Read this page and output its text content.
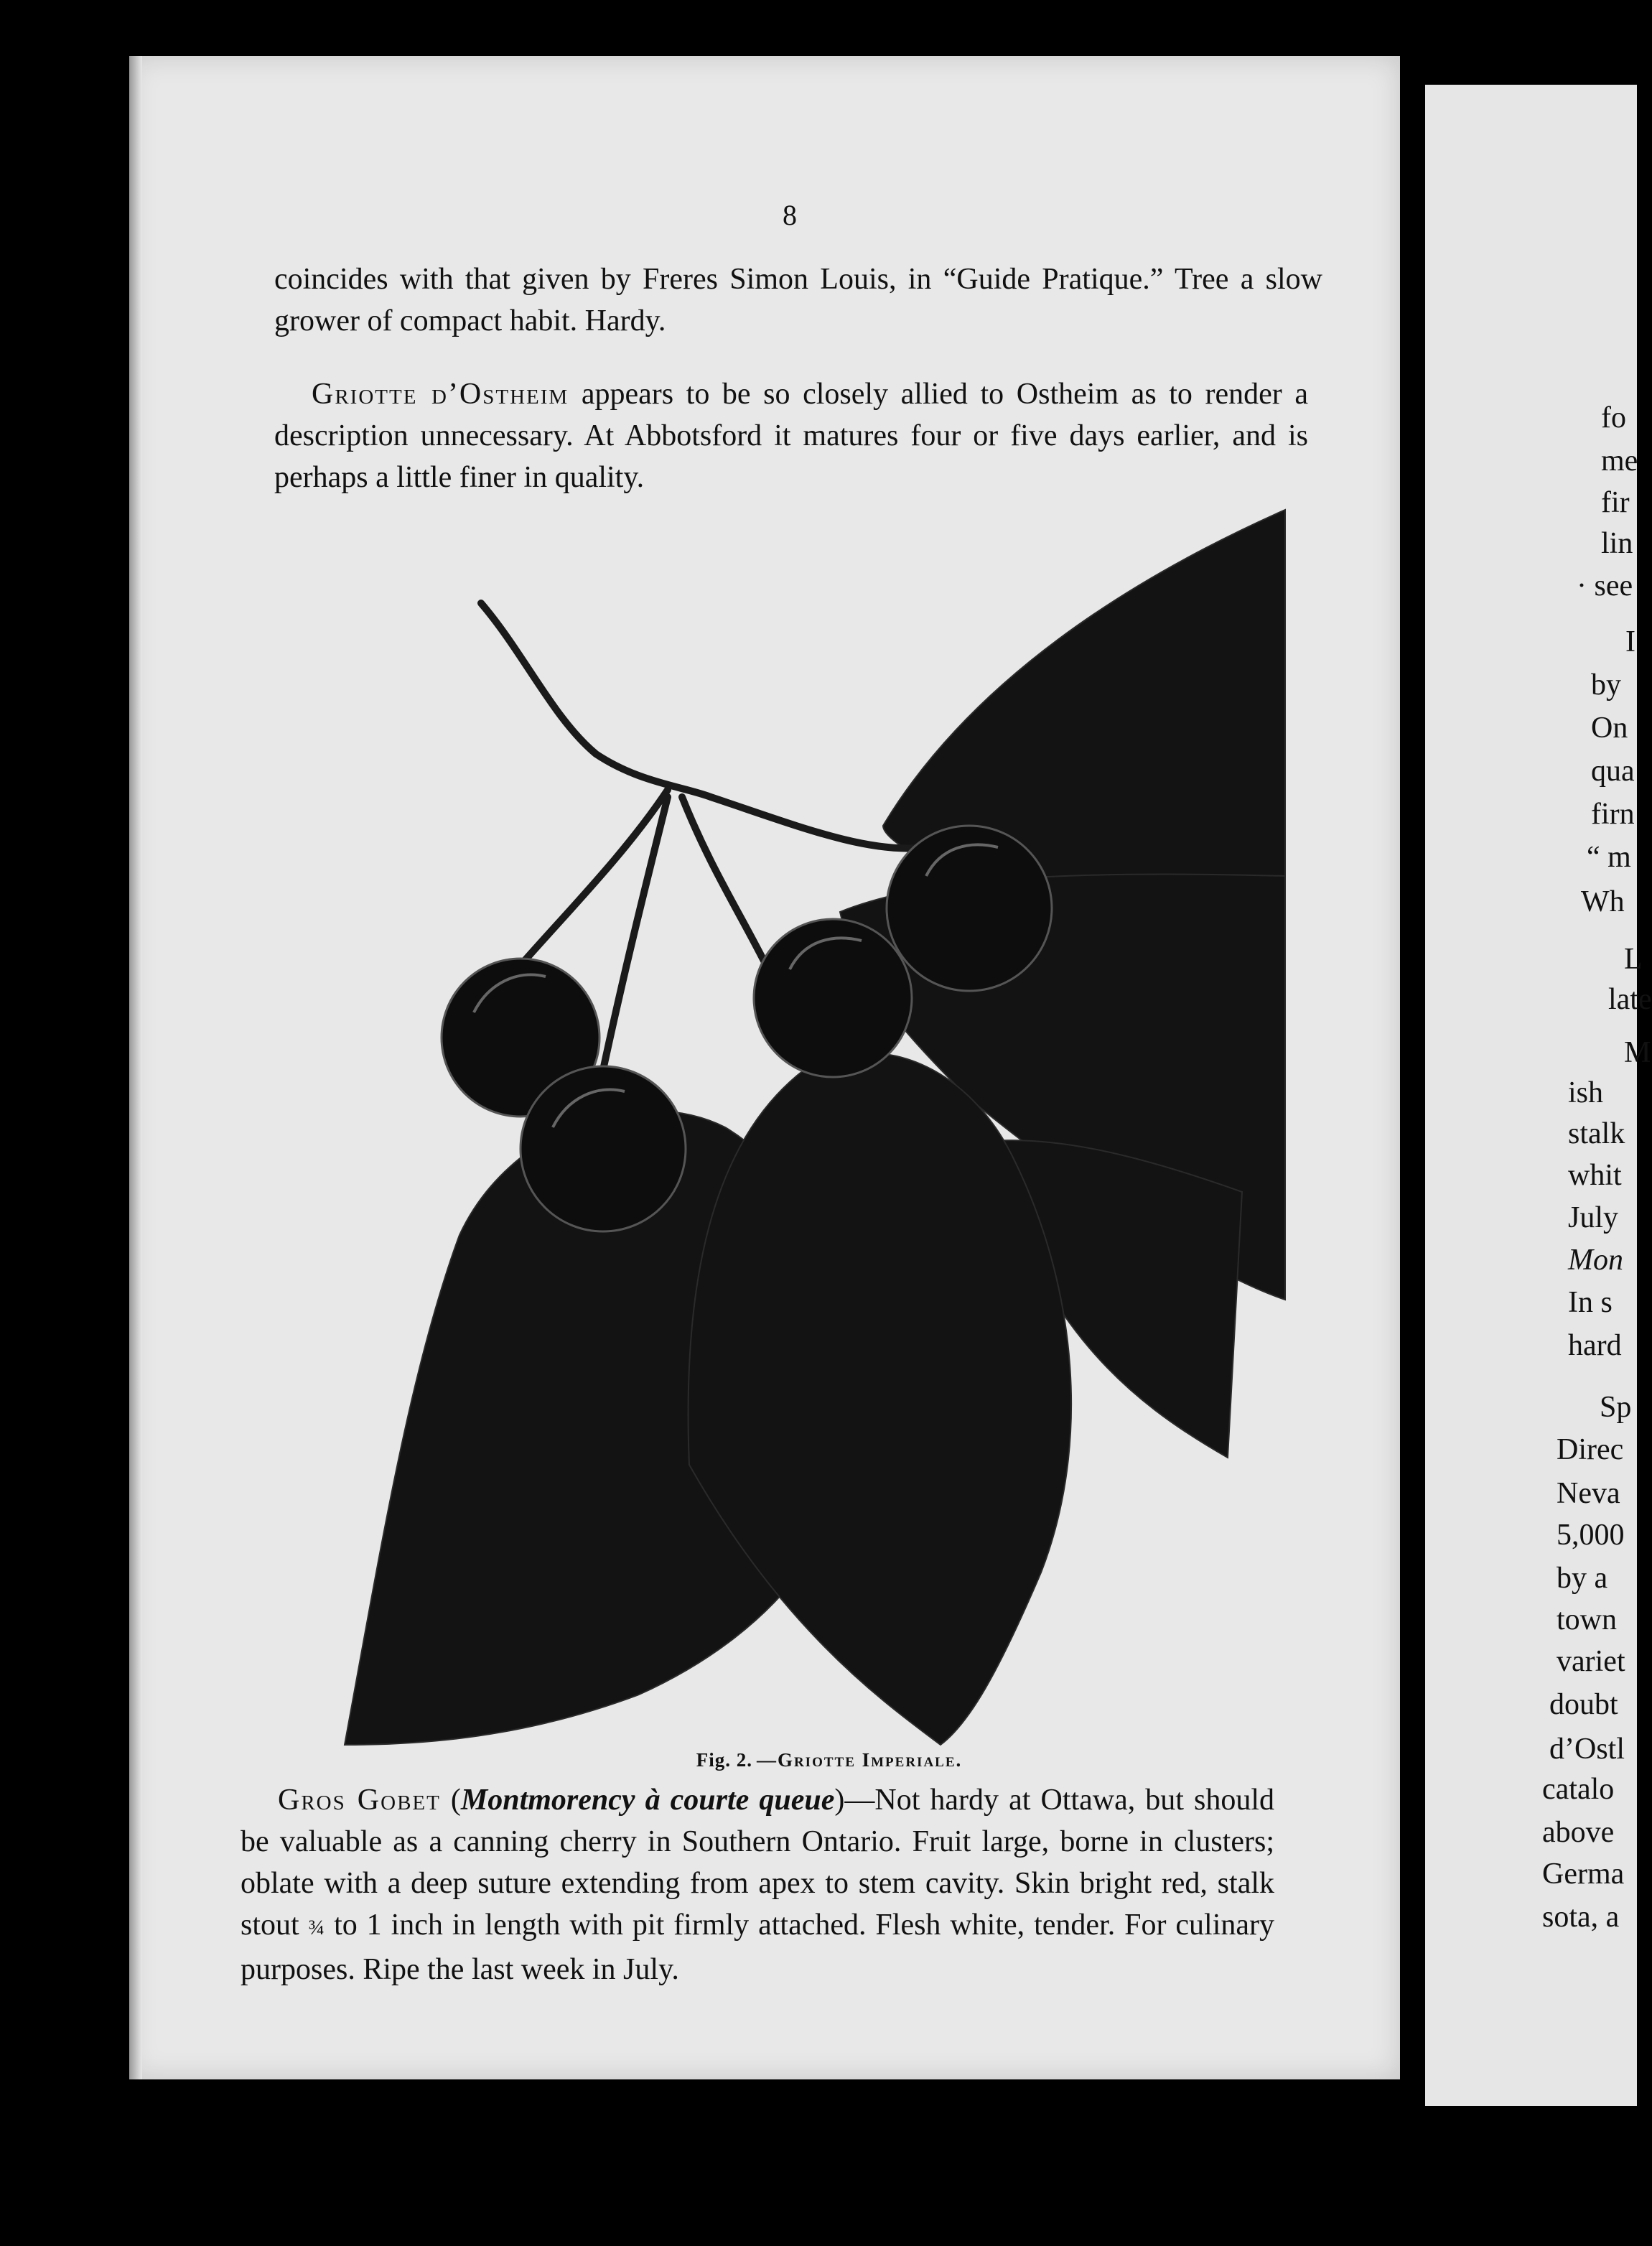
8

coincides with that given by Freres Simon Louis, in “Guide Pratique.” Tree a slow grower of compact habit. Hardy.

Griotte d’Ostheim appears to be so closely allied to Ostheim as to render a description unnecessary. At Abbotsford it matures four or five days earlier, and is perhaps a little finer in quality.

Fig. 2. —Griotte Imperiale.

Gros Gobet (Montmorency à courte queue)—Not hardy at Ottawa, but should be valuable as a canning cherry in Southern Ontario. Fruit large, borne in clusters; oblate with a deep suture extending from apex to stem cavity. Skin bright red, stalk stout ¾ to 1 inch in length with pit firmly attached. Flesh white, tender. For culinary purposes. Ripe the last week in July.

fo
me
fir
lin
· see
I
by
On
qua
firn
“ m
Wh
L
late
M
ish
stalk
whit
July
Mon
In s
hard
Sp
Direc
Neva
5,000
by a
town
variet
doubt
d’Ostl
catalo
above
Germa
sota, a
